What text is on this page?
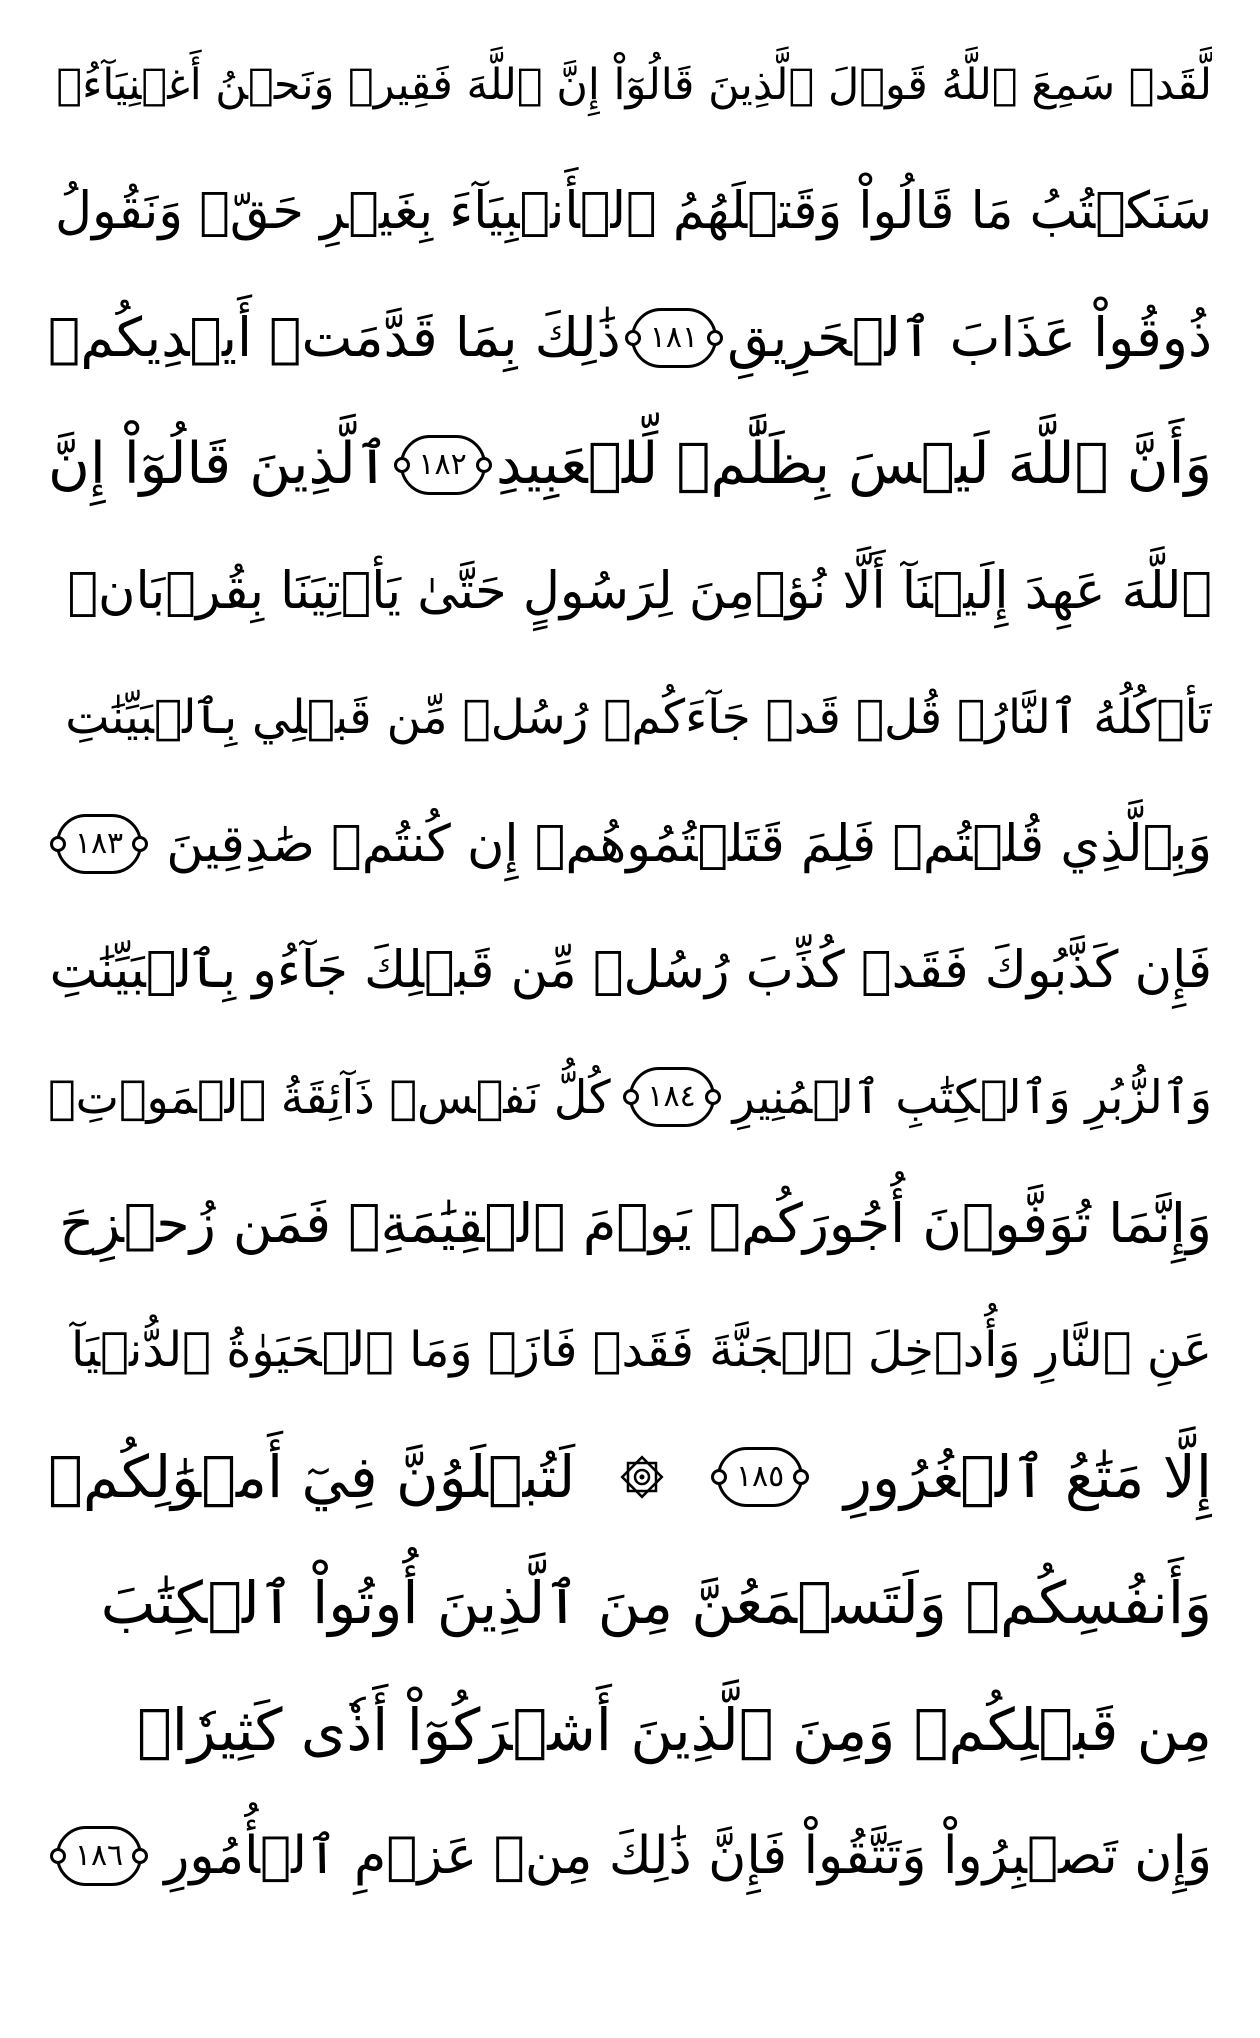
لَّقَدۡ سَمِعَ ٱللَّهُ قَوۡلَ ٱلَّذِينَ قَالُوٓاْ إِنَّ ٱللَّهَ فَقِيرٞ وَنَحۡنُ أَغۡنِيَآءُۘ
سَنَكۡتُبُ مَا قَالُواْ وَقَتۡلَهُمُ ٱلۡأَنۢبِيَآءَ بِغَيۡرِ حَقّٖ وَنَقُولُ
ذُوقُواْ عَذَابَ ٱلۡحَرِيقِ
١٨١
ذَٰلِكَ بِمَا قَدَّمَتۡ أَيۡدِيكُمۡ
وَأَنَّ ٱللَّهَ لَيۡسَ بِظَلَّٰمٖ لِّلۡعَبِيدِ
١٨٢
ٱلَّذِينَ قَالُوٓاْ إِنَّ
ٱللَّهَ عَهِدَ إِلَيۡنَآ أَلَّا نُؤۡمِنَ لِرَسُولٍ حَتَّىٰ يَأۡتِيَنَا بِقُرۡبَانٖ
تَأۡكُلُهُ ٱلنَّارُۗ قُلۡ قَدۡ جَآءَكُمۡ رُسُلٞ مِّن قَبۡلِي بِٱلۡبَيِّنَٰتِ
وَبِٱلَّذِي قُلۡتُمۡ فَلِمَ قَتَلۡتُمُوهُمۡ إِن كُنتُمۡ صَٰدِقِينَ
١٨٣
فَإِن كَذَّبُوكَ فَقَدۡ كُذِّبَ رُسُلٞ مِّن قَبۡلِكَ جَآءُو بِٱلۡبَيِّنَٰتِ
وَٱلزُّبُرِ وَٱلۡكِتَٰبِ ٱلۡمُنِيرِ
١٨٤
كُلُّ نَفۡسٖ ذَآئِقَةُ ٱلۡمَوۡتِۗ
وَإِنَّمَا تُوَفَّوۡنَ أُجُورَكُمۡ يَوۡمَ ٱلۡقِيَٰمَةِۖ فَمَن زُحۡزِحَ
عَنِ ٱلنَّارِ وَأُدۡخِلَ ٱلۡجَنَّةَ فَقَدۡ فَازَۗ وَمَا ٱلۡحَيَوٰةُ ٱلدُّنۡيَآ
إِلَّا مَتَٰعُ ٱلۡغُرُورِ
١٨٥
لَتُبۡلَوُنَّ فِيٓ أَمۡوَٰلِكُمۡ
وَأَنفُسِكُمۡ وَلَتَسۡمَعُنَّ مِنَ ٱلَّذِينَ أُوتُواْ ٱلۡكِتَٰبَ
مِن قَبۡلِكُمۡ وَمِنَ ٱلَّذِينَ أَشۡرَكُوٓاْ أَذٗى كَثِيرٗاۚ
وَإِن تَصۡبِرُواْ وَتَتَّقُواْ فَإِنَّ ذَٰلِكَ مِنۡ عَزۡمِ ٱلۡأُمُورِ
١٨٦
